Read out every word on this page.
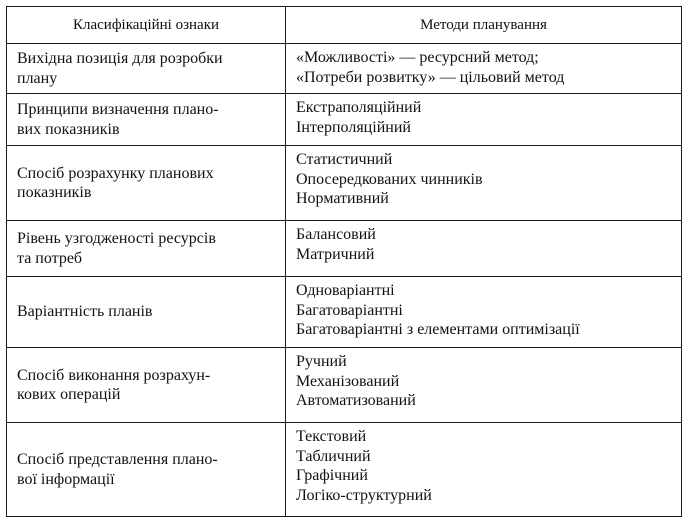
Класифікаційні ознаки	Методи планування
Вихідна позиція для розробки
плану	«Можливості» — ресурсний метод;
«Потреби розвитку» — цільовий метод

Принципи визначення плано-
вих показників	Екстраполяційний
Інтерполяційний

Спосіб розрахунку планових
показників	Статистичний
Опосередкованих чинників
Нормативний

Рівень узгодженості ресурсів
та потреб	Балансовий
Матричний

Варіантність планів	Одноваріантні
Багатоваріантні
Багатоваріантні з елементами оптимізації

Спосіб виконання розрахун-
кових операцій	Ручний
Механізований
Автоматизований

Спосіб представлення плано-
вої інформації	Текстовий
Табличний
Графічний
Логіко-структурний
